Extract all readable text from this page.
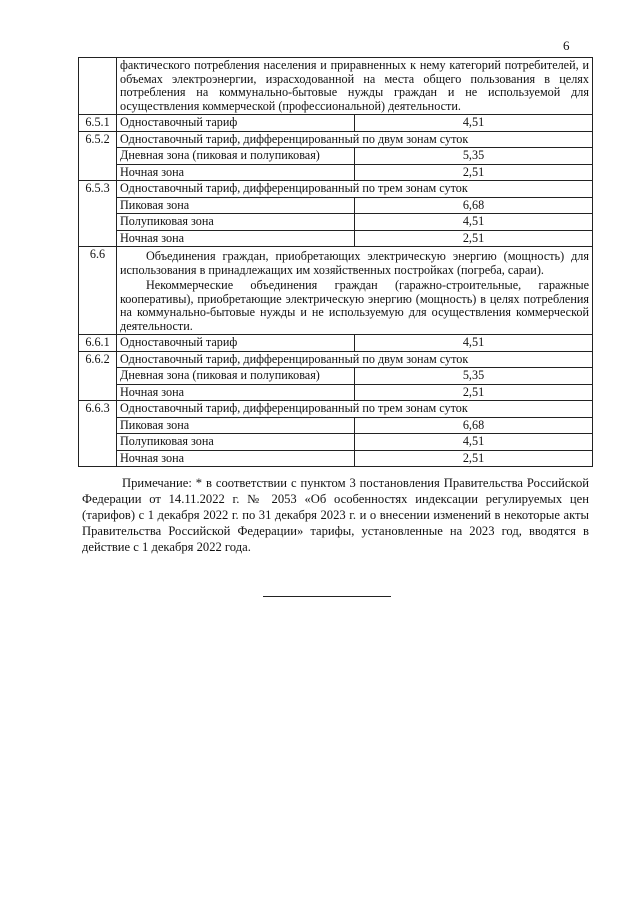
6
	фактического потребления населения и приравненных к нему категорий потребителей, и объемах электроэнергии, израсходованной на места общего пользования в целях потребления на коммунально-бытовые нужды граждан и не используемой для осуществления коммерческой (профессиональной) деятельности.	
6.5.1	Одноставочный тариф	4,51
6.5.2	Одноставочный тариф, дифференцированный по двум зонам суток	
	Дневная зона (пиковая и полупиковая)	5,35
	Ночная зона	2,51
6.5.3	Одноставочный тариф, дифференцированный по трем зонам суток	
	Пиковая зона	6,68
	Полупиковая зона	4,51
	Ночная зона	2,51
6.6	Объединения граждан, приобретающих электрическую энергию (мощность) для использования в принадлежащих им хозяйственных постройках (погреба, сараи).
Некоммерческие объединения граждан (гаражно-строительные, гаражные кооперативы), приобретающие электрическую энергию (мощность) в целях потребления на коммунально-бытовые нужды и не используемую для осуществления коммерческой деятельности.	

6.6.1	Одноставочный тариф	4,51
6.6.2	Одноставочный тариф, дифференцированный по двум зонам суток	
	Дневная зона (пиковая и полупиковая)	5,35
	Ночная зона	2,51
6.6.3	Одноставочный тариф, дифференцированный по трем зонам суток	
	Пиковая зона	6,68
	Полупиковая зона	4,51
	Ночная зона	2,51
Примечание: * в соответствии с пунктом 3 постановления Правительства Российской Федерации от 14.11.2022 г. № 2053 «Об особенностях индексации регулируемых цен (тарифов) с 1 декабря 2022 г. по 31 декабря 2023 г. и о внесении изменений в некоторые акты Правительства Российской Федерации» тарифы, установленные на 2023 год, вводятся в действие с 1 декабря 2022 года.
